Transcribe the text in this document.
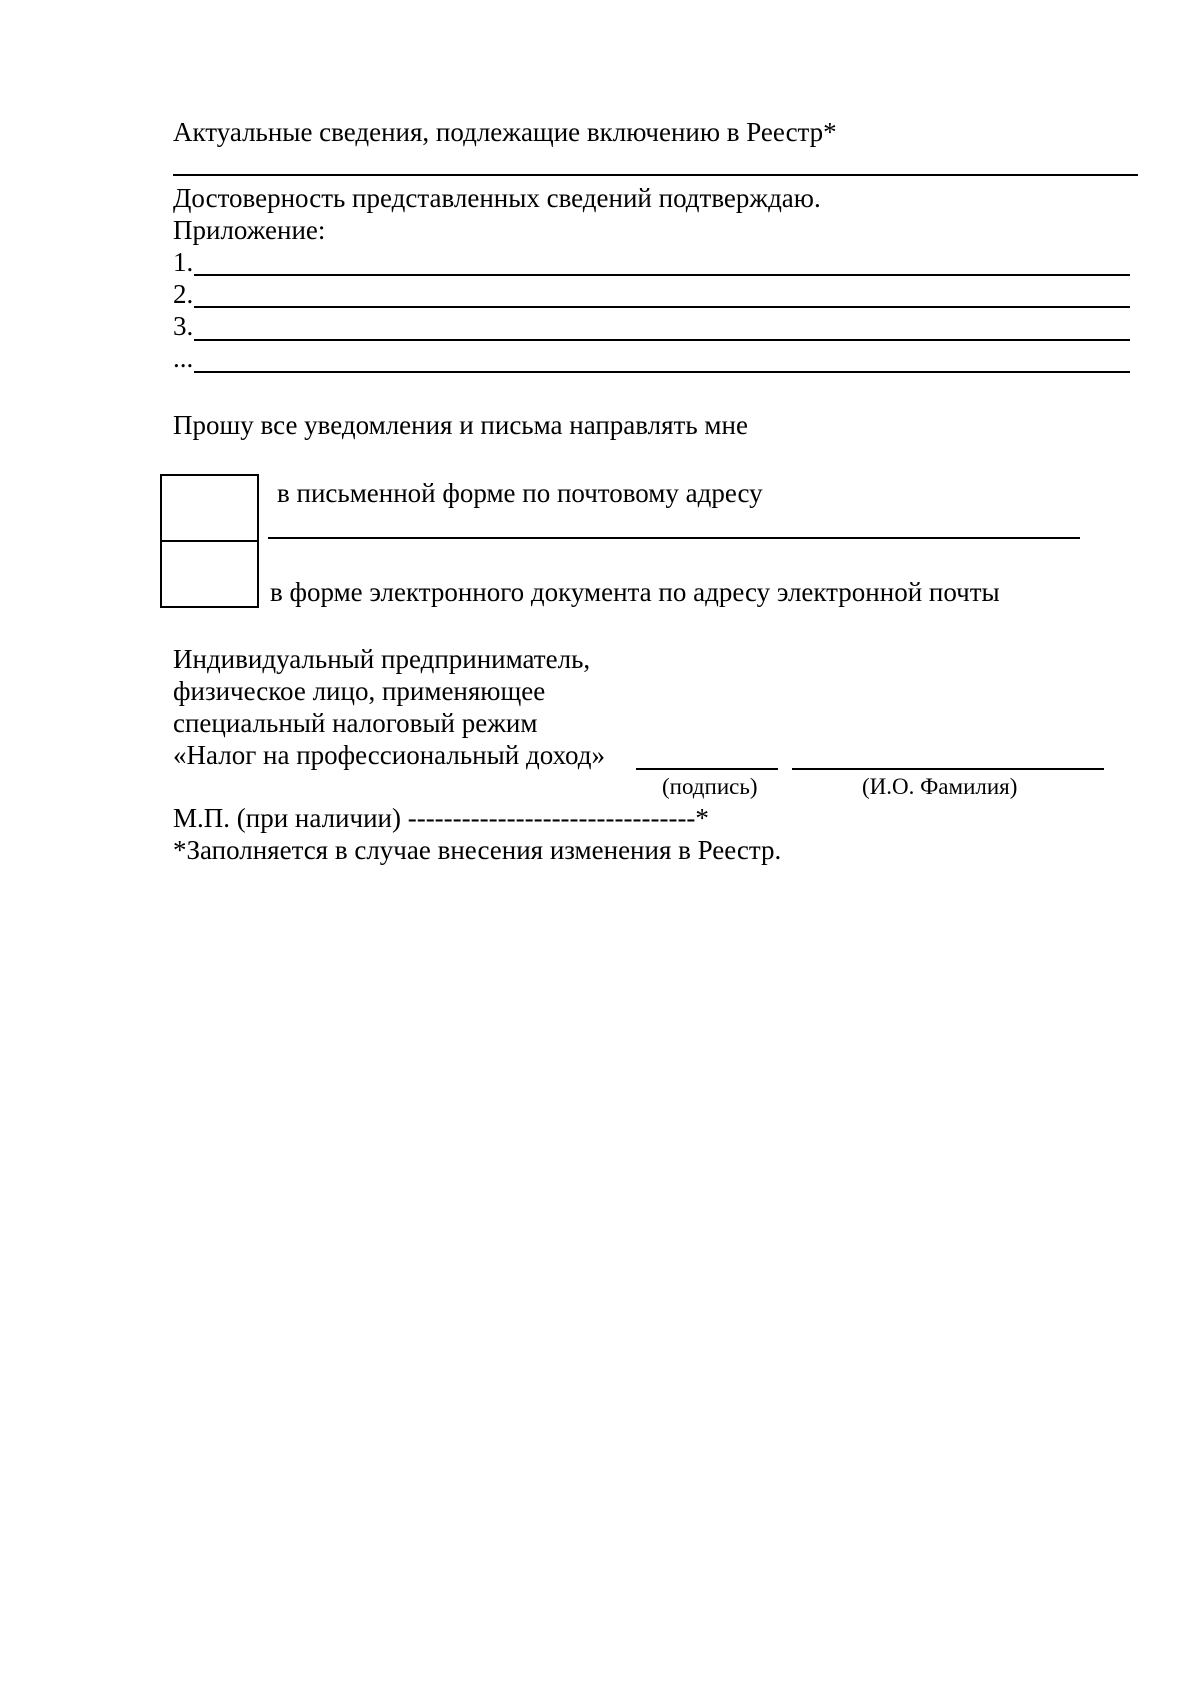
Актуальные сведения, подлежащие включению в Реестр*
Достоверность представленных сведений подтверждаю.
Приложение:
1.
2.
3.
...
Прошу все уведомления и письма направлять мне
в письменной форме по почтовому адресу
в форме электронного документа по адресу электронной почты
Индивидуальный предприниматель,
физическое лицо, применяющее
специальный налоговый режим
«Налог на профессиональный доход»
(подпись)	(И.О. Фамилия)
М.П. (при наличии) --------------------------------*
*Заполняется в случае внесения изменения в Реестр.
